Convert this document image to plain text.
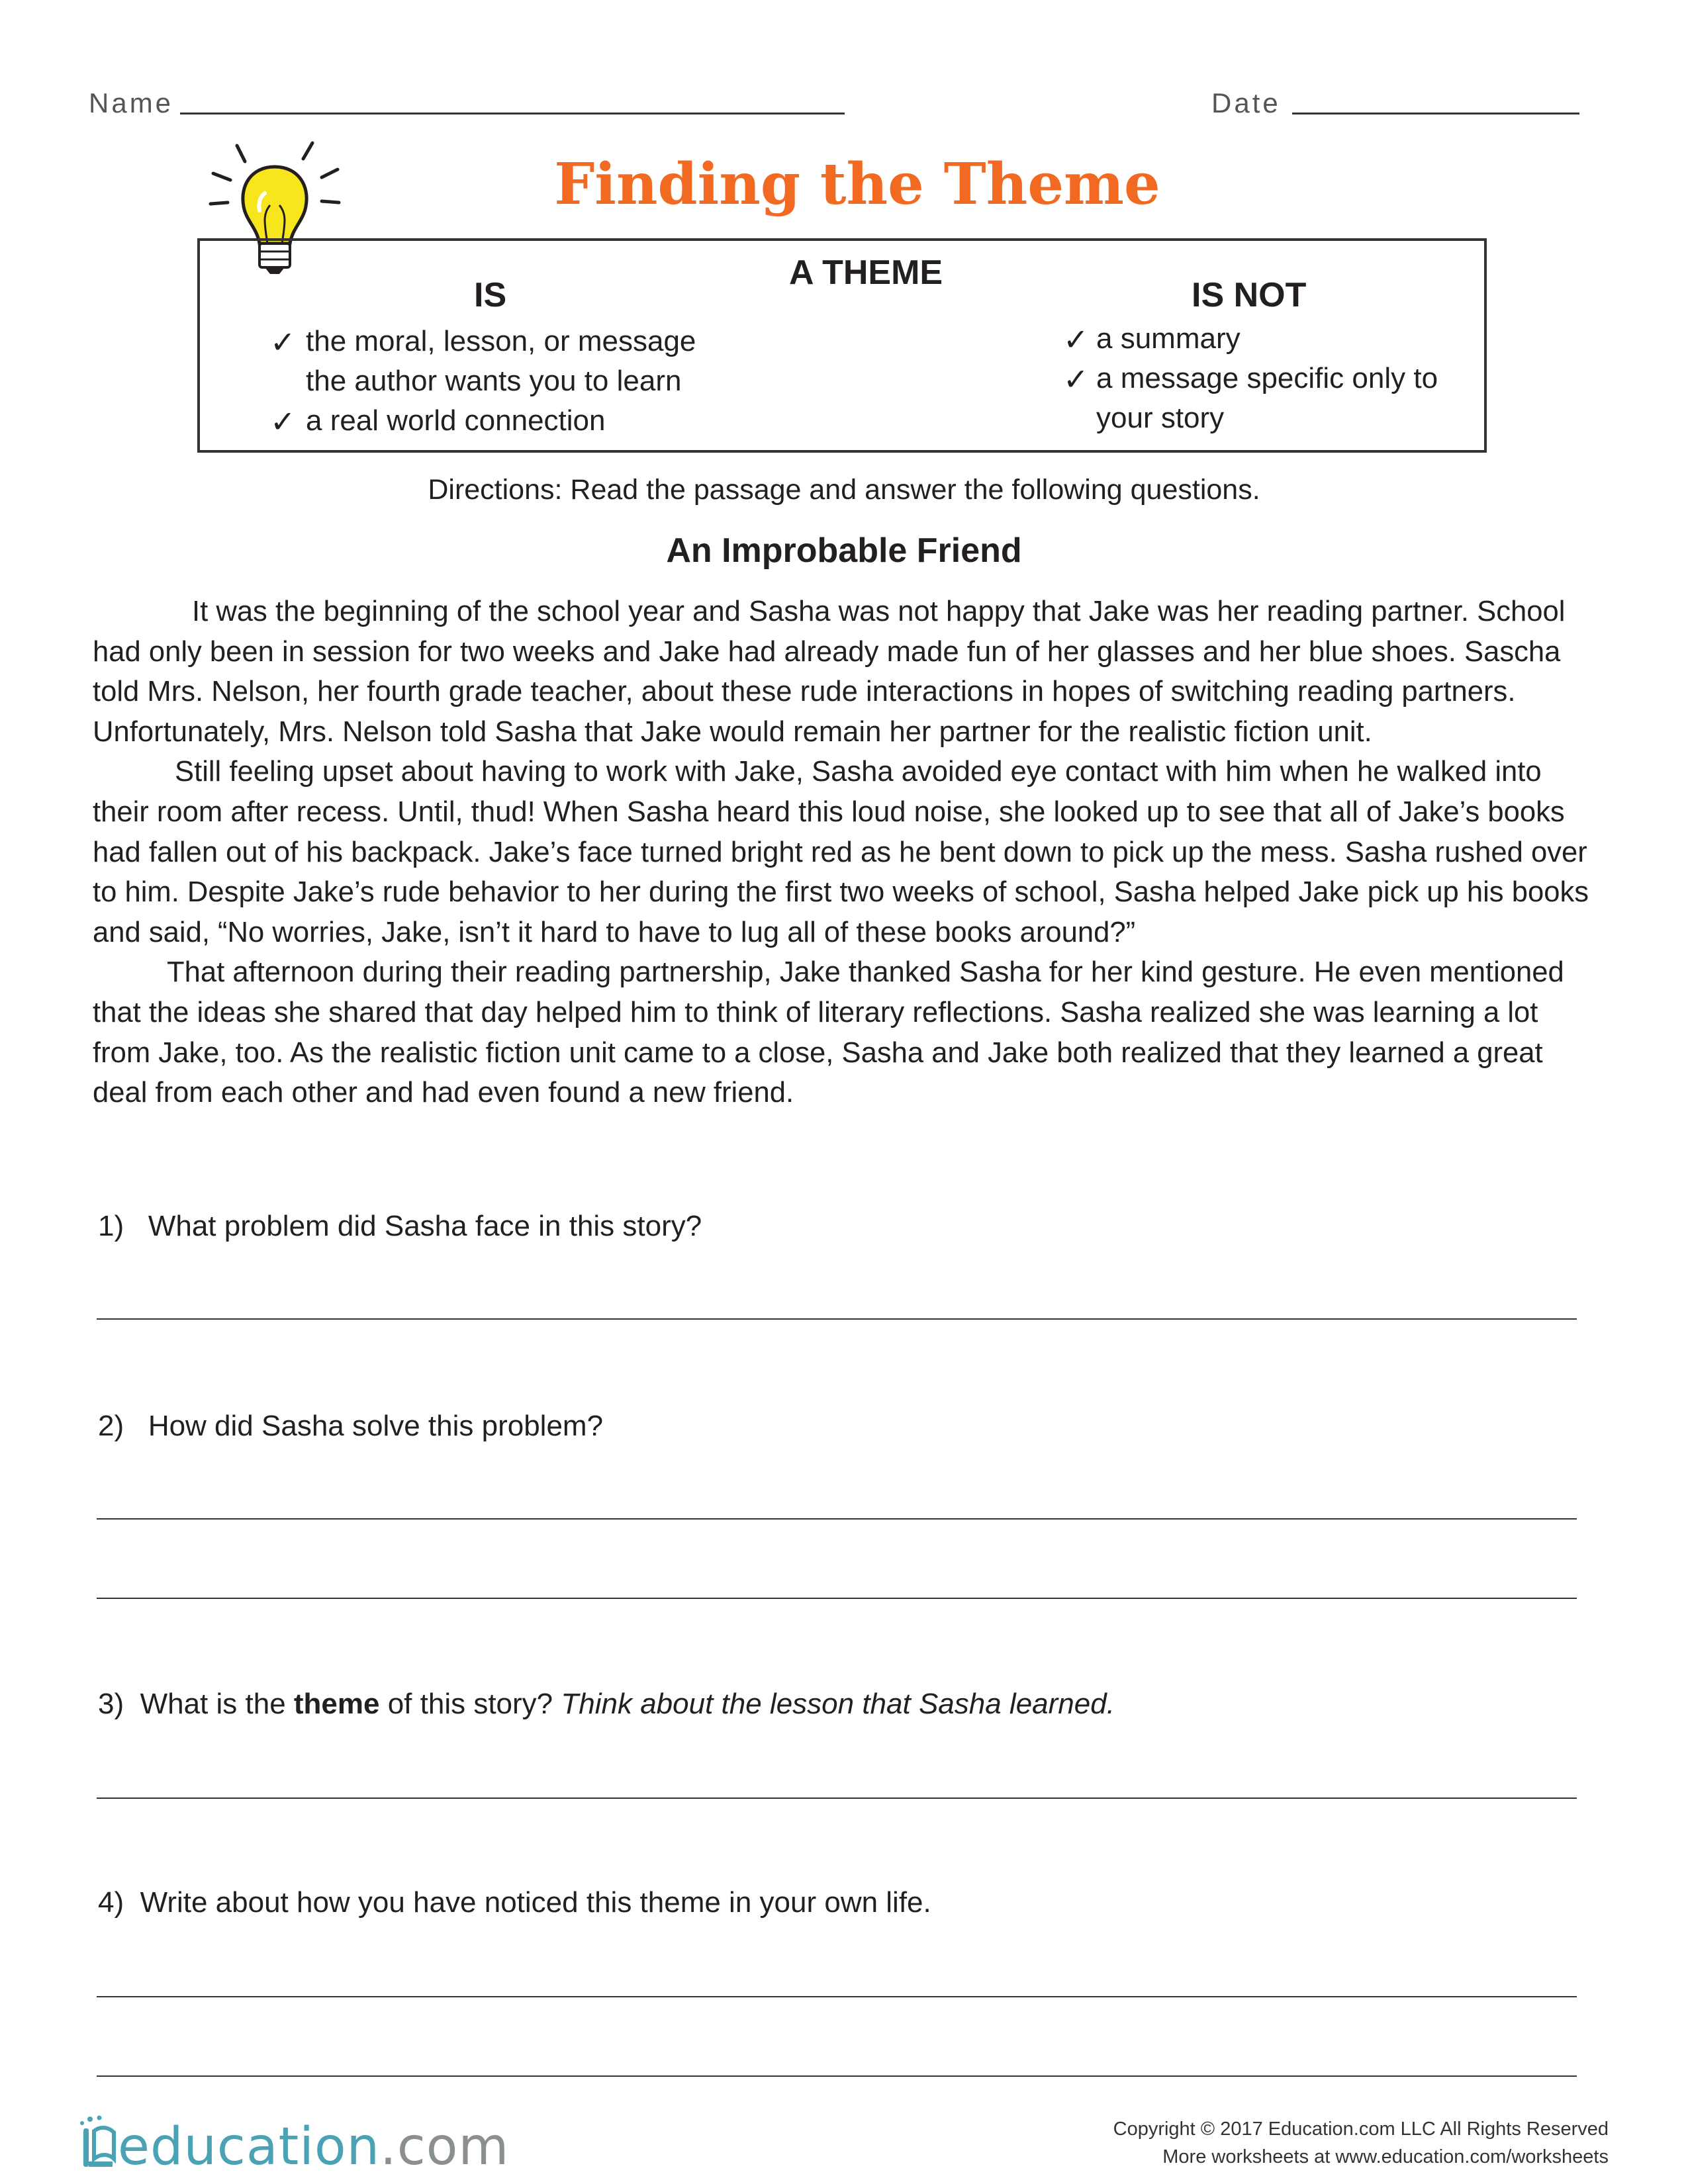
Name	Date
Finding the Theme
A THEME
IS	IS NOT
✓ the moral, lesson, or message
the author wants you to learn
✓ a real world connection
✓ a summary
✓ a message specific only to
your story
Directions: Read the passage and answer the following questions.
An Improbable Friend

It was the beginning of the school year and Sasha was not happy that Jake was her reading partner. School had only been in session for two weeks and Jake had already made fun of her glasses and her blue shoes. Sascha told Mrs. Nelson, her fourth grade teacher, about these rude interactions in hopes of switching reading partners. Unfortunately, Mrs. Nelson told Sasha that Jake would remain her partner for the realistic fiction unit.

Still feeling upset about having to work with Jake, Sasha avoided eye contact with him when he walked into their room after recess. Until, thud! When Sasha heard this loud noise, she looked up to see that all of Jake’s books had fallen out of his backpack. Jake’s face turned bright red as he bent down to pick up the mess. Sasha rushed over to him. Despite Jake’s rude behavior to her during the first two weeks of school, Sasha helped Jake pick up his books and said, “No worries, Jake, isn’t it hard to have to lug all of these books around?”

That afternoon during their reading partnership, Jake thanked Sasha for her kind gesture. He even mentioned that the ideas she shared that day helped him to think of literary reflections. Sasha realized she was learning a lot from Jake, too. As the realistic fiction unit came to a close, Sasha and Jake both realized that they learned a great deal from each other and had even found a new friend.

1) What problem did Sasha face in this story?
2) How did Sasha solve this problem?
3) What is the theme of this story? Think about the lesson that Sasha learned.
4) Write about how you have noticed this theme in your own life.
education.com	Copyright © 2017 Education.com LLC All Rights Reserved
More worksheets at www.education.com/worksheets
